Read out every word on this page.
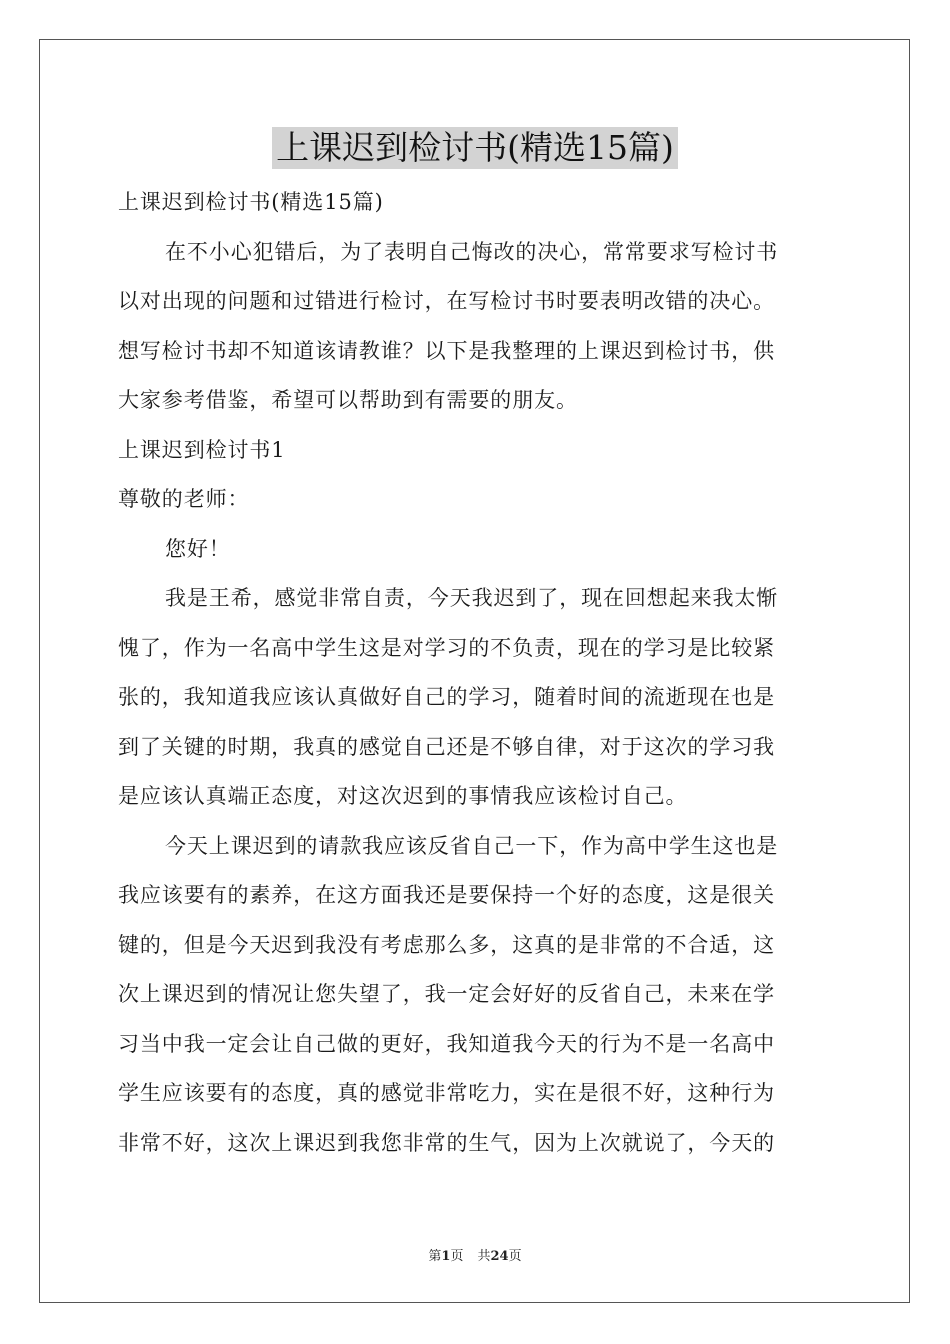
上课迟到检讨书(精选15篇)
上课迟到检讨书(精选15篇)
在不小心犯错后，为了表明自己悔改的决心，常常要求写检讨书
以对出现的问题和过错进行检讨，在写检讨书时要表明改错的决心。
想写检讨书却不知道该请教谁？以下是我整理的上课迟到检讨书，供
大家参考借鉴，希望可以帮助到有需要的朋友。
上课迟到检讨书1
尊敬的老师：
您好！
我是王希，感觉非常自责，今天我迟到了，现在回想起来我太惭
愧了，作为一名高中学生这是对学习的不负责，现在的学习是比较紧
张的，我知道我应该认真做好自己的学习，随着时间的流逝现在也是
到了关键的时期，我真的感觉自己还是不够自律，对于这次的学习我
是应该认真端正态度，对这次迟到的事情我应该检讨自己。
今天上课迟到的请款我应该反省自己一下，作为高中学生这也是
我应该要有的素养，在这方面我还是要保持一个好的态度，这是很关
键的，但是今天迟到我没有考虑那么多，这真的是非常的不合适，这
次上课迟到的情况让您失望了，我一定会好好的反省自己，未来在学
习当中我一定会让自己做的更好，我知道我今天的行为不是一名高中
学生应该要有的态度，真的感觉非常吃力，实在是很不好，这种行为
非常不好，这次上课迟到我您非常的生气，因为上次就说了，今天的
第1页 共24页
